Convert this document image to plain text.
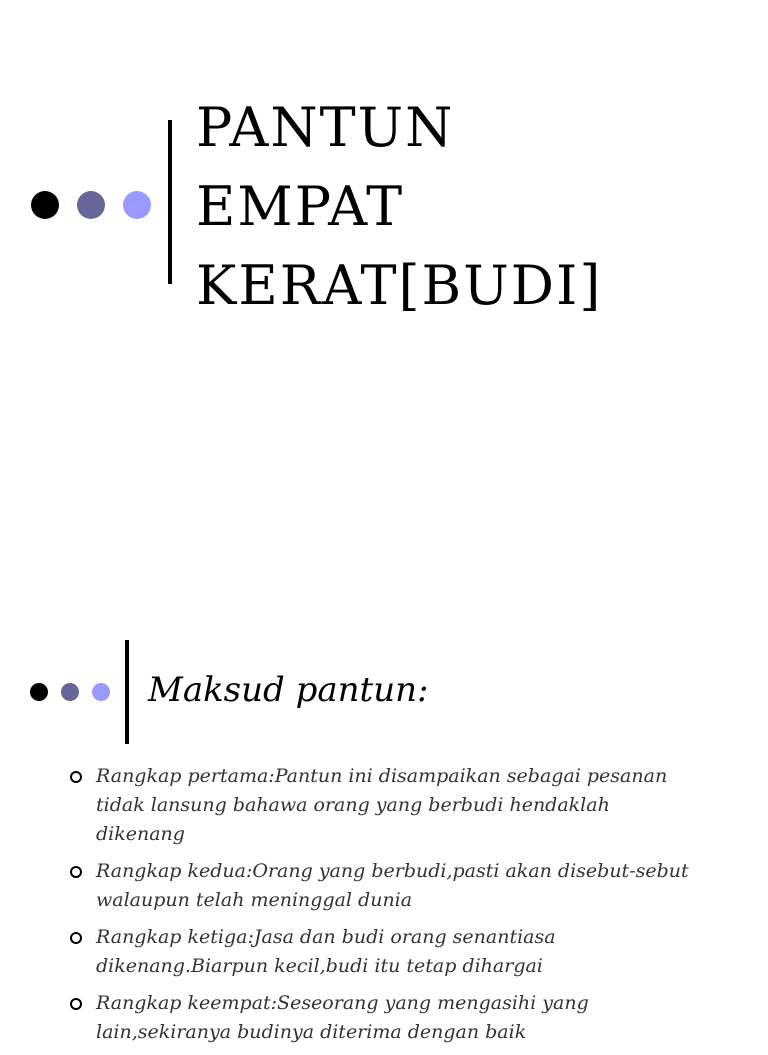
PANTUN
EMPAT
KERAT[BUDI]
Maksud pantun:
Rangkap pertama:Pantun ini disampaikan sebagai pesanan tidak lansung bahawa orang yang berbudi hendaklah dikenang
Rangkap kedua:Orang yang berbudi,pasti akan disebut-sebut walaupun telah meninggal dunia
Rangkap ketiga:Jasa dan budi orang senantiasa dikenang.Biarpun kecil,budi itu tetap dihargai
Rangkap keempat:Seseorang yang mengasihi yang lain,sekiranya budinya diterima dengan baik
